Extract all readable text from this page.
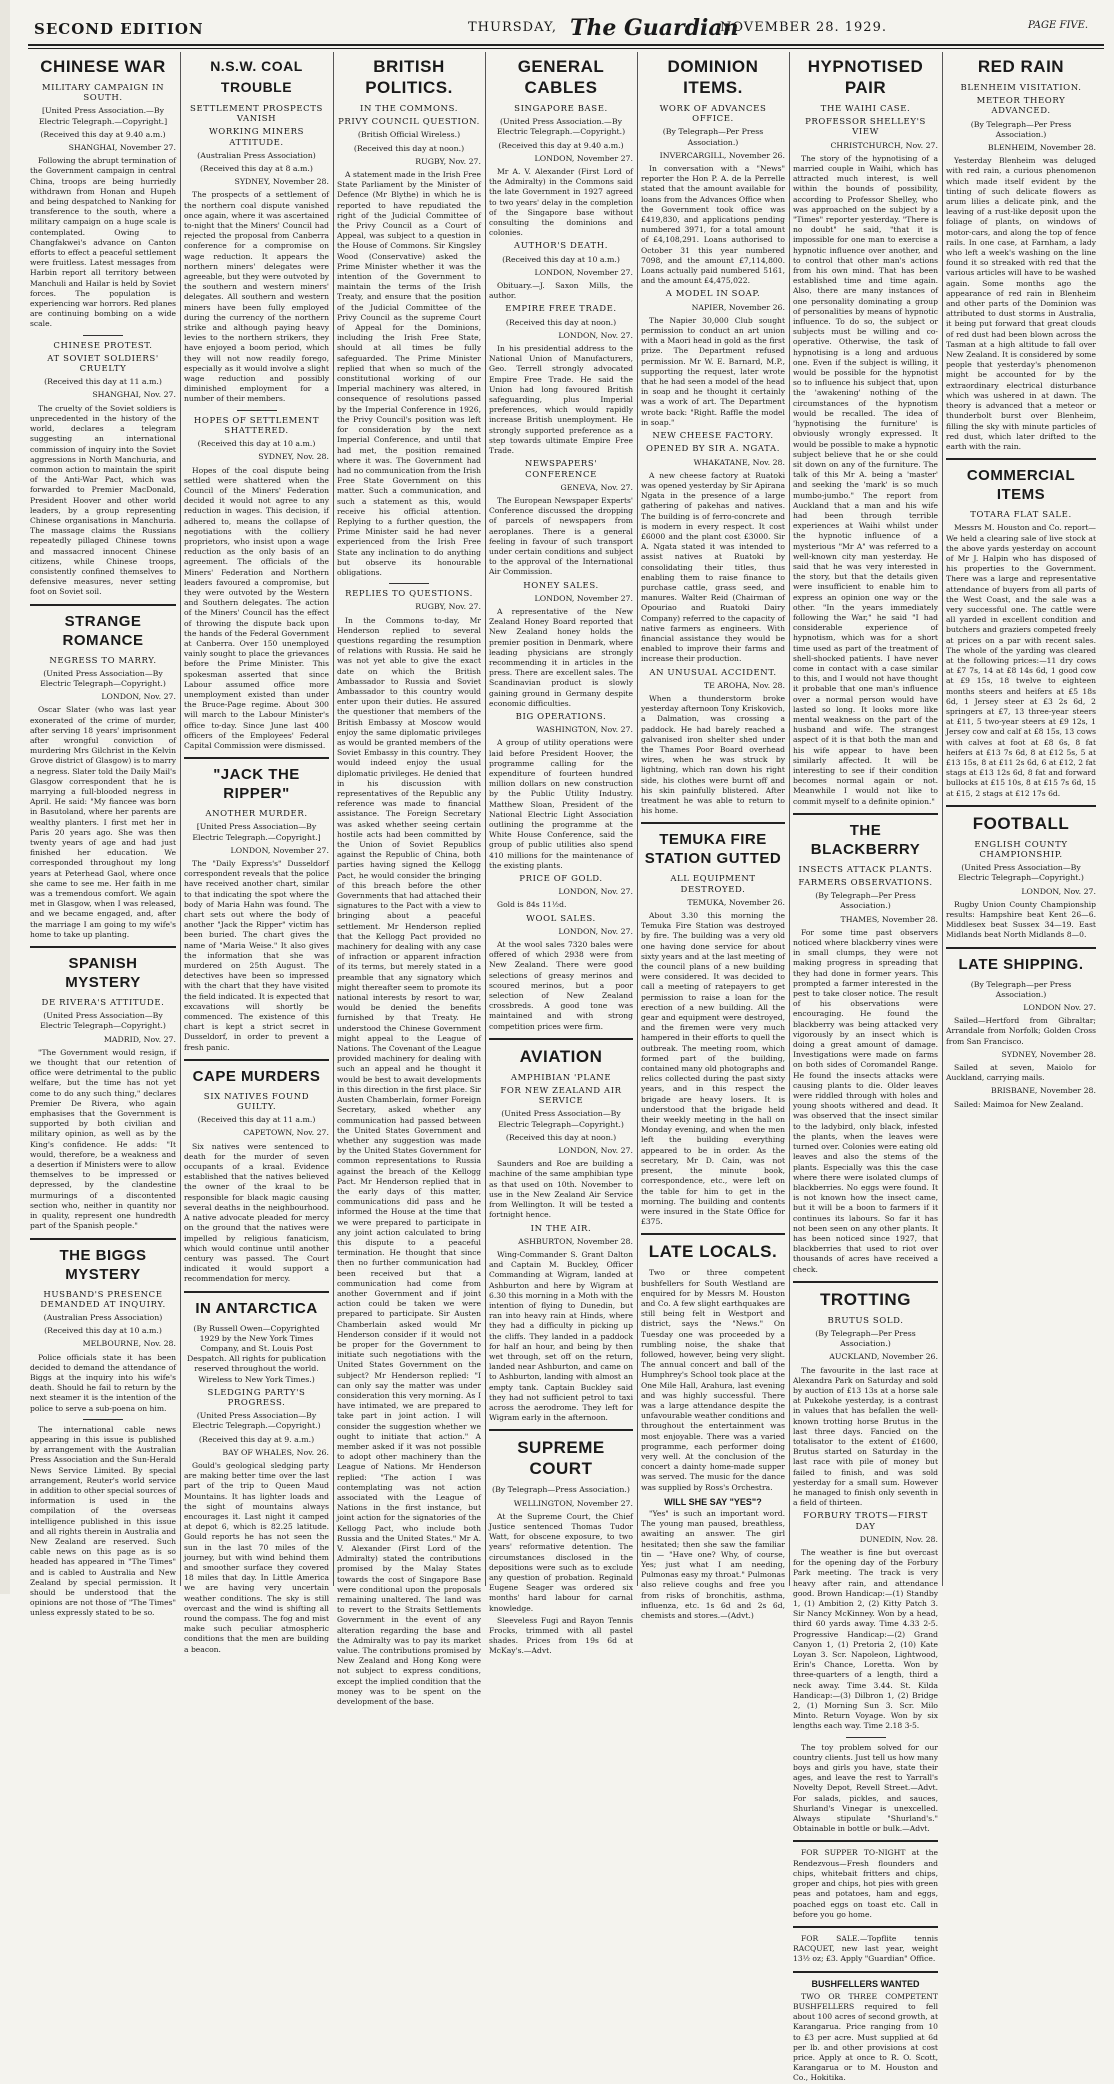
SECOND EDITION	THURSDAY, The Guardian
NOVEMBER 28. 1929.	PAGE FIVE.
CHINESE WAR
MILITARY CAMPAIGN IN SOUTH.
[United Press Association.—By Electric Telegraph.—Copyright.]
(Received this day at 9.40 a.m.)
SHANGHAI, November 27.

Following the abrupt termination of the Government campaign in central China, troops are being hurriedly withdrawn from Honan and Hupeh and being despatched to Nanking for transference to the south, where a military campaign on a huge scale is contemplated. Owing to Changfakwei's advance on Canton efforts to effect a peaceful settlement were fruitless. Latest messages from Harbin report all territory between Manchuli and Hailar is held by Soviet forces. The population is experiencing war horrors. Red planes are continuing bombing on a wide scale.

CHINESE PROTEST.
AT SOVIET SOLDIERS' CRUELTY
(Received this day at 11 a.m.)
SHANGHAI, Nov. 27.

The cruelty of the Soviet soldiers is unprecedented in the history of the world, declares a telegram suggesting an international commission of inquiry into the Soviet aggressions in North Manchuria, and common action to maintain the spirit of the Anti-War Pact, which was forwarded to Premier MacDonald, President Hoover and other world leaders, by a group representing Chinese organisations in Manchuria. The massage claims the Russians repeatedly pillaged Chinese towns and massacred innocent Chinese citizens, while Chinese troops, consistently confined themselves to defensive measures, never setting foot on Soviet soil.

STRANGE ROMANCE
NEGRESS TO MARRY.
(United Press Association—By Electric Telegraph—Copyright.)
LONDON, Nov. 27.

Oscar Slater (who was last year exonerated of the crime of murder, after serving 18 years' imprisonment after wrongful conviction of murdering Mrs Gilchrist in the Kelvin Grove district of Glasgow) is to marry a negress. Slater told the Daily Mail's Glasgow correspondent that he is marrying a full-blooded negress in April. He said: "My fiancee was born in Basutoland, where her parents are wealthy planters. I first met her in Paris 20 years ago. She was then twenty years of age and had just finished her education. We corresponded throughout my long years at Peterhead Gaol, where once she came to see me. Her faith in me was a tremendous comfort. We again met in Glasgow, when I was released, and we became engaged, and, after the marriage I am going to my wife's home to take up planting.

SPANISH MYSTERY
DE RIVERA'S ATTITUDE.
(United Press Association—By Electric Telegraph—Copyright.)
MADRID, Nov. 27.

"The Government would resign, if we thought that our retention of office were detrimental to the public welfare, but the time has not yet come to do any such thing," declares Premier De Rivera, who again emphasises that the Government is supported by both civilian and military opinion, as well as by the King's confidence. He adds: "It would, therefore, be a weakness and a desertion if Ministers were to allow themselves to be impressed or depressed, by the clandestine murmurings of a discontented section who, neither in quantity nor in quality, represent one hundredth part of the Spanish people."

THE BIGGS MYSTERY
HUSBAND'S PRESENCE DEMANDED AT INQUIRY.
(Australian Press Association)
(Received this day at 10 a.m.)
MELBOURNE, Nov. 28.

Police officials state it has been decided to demand the attendance of Biggs at the inquiry into his wife's death. Should he fail to return by the next steamer it is the intention of the police to serve a sub-poena on him.

The international cable news appearing in this issue is published by arrangement with the Australian Press Association and the Sun-Herald News Service Limited. By special arrangement, Reuter's world service in addition to other special sources of information is used in the compilation of the overseas intelligence published in this issue and all rights therein in Australia and New Zealand are reserved. Such cable news on this page as is so headed has appeared in "The Times" and is cabled to Australia and New Zealand by special permission. It should be understood that the opinions are not those of "The Times" unless expressly stated to be so.

N.S.W. COAL TROUBLE
SETTLEMENT PROSPECTS VANISH
WORKING MINERS ATTITUDE.
(Australian Press Association)
(Received this day at 8 a.m.)
SYDNEY, November 28.

The prospects of a settlement of the northern coal dispute vanished once again, where it was ascertained to-night that the Miners' Council had rejected the proposal from Canberra conference for a compromise on wage reduction. It appears the northern miners' delegates were agreeable, but they were outvoted by the southern and western miners' delegates. All southern and western miners have been fully employed during the currency of the northern strike and although paying heavy levies to the northern strikers, they have enjoyed a boom period, which they will not now readily forego, especially as it would involve a slight wage reduction and possibly diminished employment for a number of their members.

HOPES OF SETTLEMENT SHATTERED.
(Received this day at 10 a.m.)
SYDNEY, Nov. 28.

Hopes of the coal dispute being settled were shattered when the Council of the Miners' Federation decided it would not agree to any reduction in wages. This decision, if adhered to, means the collapse of negotiations with the colliery proprietors, who insist upon a wage reduction as the only basis of an agreement. The officials of the Miners' Federation and Northern leaders favoured a compromise, but they were outvoted by the Western and Southern delegates. The action of the Miners' Council has the effect of throwing the dispute back upon the hands of the Federal Government at Canberra. Over 150 unemployed vainly sought to place the grievances before the Prime Minister. This spokesman asserted that since Labour assumed office more unemployment existed than under the Bruce-Page regime. About 300 will march to the Labour Minister's office to-day. Since June last 400 officers of the Employees' Federal Capital Commission were dismissed.

"JACK THE RIPPER"
ANOTHER MURDER.
[United Press Association—By Electric Telegraph.—Copyright.]
LONDON, November 27.

The "Daily Express's" Dusseldorf correspondent reveals that the police have received another chart, similar to that indicating the spot where the body of Maria Hahn was found. The chart sets out where the body of another "Jack the Ripper" victim has been buried. The chart gives the name of "Maria Weise." It also gives the information that she was murdered on 25th August. The detectives have been so impressed with the chart that they have visited the field indicated. It is expected that excavations will shortly be commenced. The existence of this chart is kept a strict secret in Dusseldorf, in order to prevent a fresh panic.

CAPE MURDERS
SIX NATIVES FOUND GUILTY.
(Received this day at 11 a.m.)
CAPETOWN, Nov. 27.

Six natives were sentenced to death for the murder of seven occupants of a kraal. Evidence established that the natives believed the owner of the kraal to be responsible for black magic causing several deaths in the neighbourhood. A native advocate pleaded for mercy on the ground that the natives were impelled by religious fanaticism, which would continue until another century was passed. The Court indicated it would support a recommendation for mercy.

IN ANTARCTICA
(By Russell Owen—Copyrighted 1929 by the New York Times Company, and St. Louis Post Despatch. All rights for publication reserved throughout the world. Wireless to New York Times.)
SLEDGING PARTY'S PROGRESS.
(United Press Association—By Electric Telegraph.—Copyright.)
(Received this day at 9. a.m.)
BAY OF WHALES, Nov. 26.

Gould's geological sledging party are making better time over the last part of the trip to Queen Maud Mountains. It has lighter loads and the sight of mountains always encourages it. Last night it camped at depot 6, which is 82.25 latitude. Gould reports he has not seen the sun in the last 70 miles of the journey, but with wind behind them and smoother surface they covered 18 miles that day. In Little America we are having very uncertain weather conditions. The sky is still overcast and the wind is shifting all round the compass. The fog and mist make such peculiar atmospheric conditions that the men are building a beacon.

BRITISH POLITICS.
IN THE COMMONS.
PRIVY COUNCIL QUESTION.
(British Official Wireless.)
(Received this day at noon.)
RUGBY, Nov. 27.

A statement made in the Irish Free State Parliament by the Minister of Defence (Mr Blythe) in which he is reported to have repudiated the right of the Judicial Committee of the Privy Council as a Court of Appeal, was subject to a question in the House of Commons. Sir Kingsley Wood (Conservative) asked the Prime Minister whether it was the intention of the Government to maintain the terms of the Irish Treaty, and ensure that the position of the Judicial Committee of the Privy Council as the supreme Court of Appeal for the Dominions, including the Irish Free State, should at all times be fully safeguarded. The Prime Minister replied that when so much of the constitutional working of our Imperial machinery was altered, in consequence of resolutions passed by the Imperial Conference in 1926, the Privy Council's position was left for consideration by the next Imperial Conference, and until that had met, the position remained where it was. The Government had had no communication from the Irish Free State Government on this matter. Such a communication, and such a statement as this, would receive his official attention. Replying to a further question, the Prime Minister said he had never experienced from the Irish Free State any inclination to do anything but observe its honourable obligations.

REPLIES TO QUESTIONS.
RUGBY, Nov. 27.

In the Commons to-day, Mr Henderson replied to several questions regarding the resumption of relations with Russia. He said he was not yet able to give the exact date on which the British Ambassador to Russia and Soviet Ambassador to this country would enter upon their duties. He assured the questioner that members of the British Embassy at Moscow would enjoy the same diplomatic privileges as would be granted members of the Soviet Embassy in this country. They would indeed enjoy the usual diplomatic privileges. He denied that in his discussion with representatives of the Republic any reference was made to financial assistance. The Foreign Secretary was asked whether seeing certain hostile acts had been committed by the Union of Soviet Republics against the Republic of China, both parties having signed the Kellogg Pact, he would consider the bringing of this breach before the other Governments that had attached their signatures to the Pact with a view to bringing about a peaceful settlement. Mr Henderson replied that the Kellogg Pact provided no machinery for dealing with any case of infraction or apparent infraction of its terms, but merely stated in a preamble that any signatory which might thereafter seem to promote its national interests by resort to war, would be denied the benefits furnished by that Treaty. He understood the Chinese Government might appeal to the League of Nations. The Covenant of the League provided machinery for dealing with such an appeal and he thought it would be best to await developments in this direction in the first place. Sir Austen Chamberlain, former Foreign Secretary, asked whether any communication had passed between the United States Government and whether any suggestion was made by the United States Government for common representations to Russia against the breach of the Kellogg Pact. Mr Henderson replied that in the early days of this matter, communications did pass and he informed the House at the time that we were prepared to participate in any joint action calculated to bring this dispute to a peaceful termination. He thought that since then no further communication had been received but that a communication had come from another Government and if joint action could be taken we were prepared to participate. Sir Austen Chamberlain asked would Mr Henderson consider if it would not be proper for the Government to initiate such negotiations with the United States Government on the subject? Mr Henderson replied: "I can only say the matter was under consideration this very morning. As I have intimated, we are prepared to take part in joint action. I will consider the suggestion whether we ought to initiate that action." A member asked if it was not possible to adopt other machinery than the League of Nations. Mr Henderson replied: "The action I was contemplating was not action associated with the League of Nations in the first instance, but joint action for the signatories of the Kellogg Pact, who include both Russia and the United States." Mr A. V. Alexander (First Lord of the Admiralty) stated the contributions promised by the Malay States towards the cost of Singapore Base were conditional upon the proposals remaining unaltered. The land was to revert to the Straits Settlements Government in the event of any alteration regarding the base and the Admiralty was to pay its market value. The contributions promised by New Zealand and Hong Kong were not subject to express conditions, except the implied condition that the money was to be spent on the development of the base.

GENERAL CABLES
SINGAPORE BASE.
(United Press Association.—By Electric Telegraph.—Copyright.)
(Received this day at 9.40 a.m.)
LONDON, November 27.

Mr A. V. Alexander (First Lord of the Admiralty) in the Commons said the late Government in 1927 agreed to two years' delay in the completion of the Singapore base without consulting the dominions and colonies.

AUTHOR'S DEATH.
(Received this day at 10 a.m.)
LONDON, November 27.

Obituary.—J. Saxon Mills, the author.

EMPIRE FREE TRADE.
(Received this day at noon.)
LONDON, Nov. 27.

In his presidential address to the National Union of Manufacturers, Geo. Terrell strongly advocated Empire Free Trade. He said the Union had long favoured British safeguarding, plus Imperial preferences, which would rapidly increase British unemployment. He strongly supported preference as a step towards ultimate Empire Free Trade.

NEWSPAPERS' CONFERENCE
GENEVA, Nov. 27.

The European Newspaper Experts' Conference discussed the dropping of parcels of newspapers from aeroplanes. There is a general feeling in favour of such transport under certain conditions and subject to the approval of the International Air Commission.

HONEY SALES.
LONDON, November 27.

A representative of the New Zealand Honey Board reported that New Zealand honey holds the premier position in Denmark, where leading physicians are strongly recommending it in articles in the press. There are excellent sales. The Scandinavian product is slowly gaining ground in Germany despite economic difficulties.

BIG OPERATIONS.
WASHINGTON, Nov. 27.

A group of utility operations were laid before President Hoover, the programme calling for the expenditure of fourteen hundred million dollars on new construction by the Public Utility Industry. Matthew Sloan, President of the National Electric Light Association outlining the programme at the White House Conference, said the group of public utilities also spend 410 millions for the maintenance of the existing plants.

PRICE OF GOLD.
LONDON, Nov. 27.

Gold is 84s 11½d.

WOOL SALES.
LONDON, Nov. 27.

At the wool sales 7320 bales were offered of which 2938 were from New Zealand. There were good selections of greasy merinos and scoured merinos, but a poor selection of New Zealand crossbreds. A good tone was maintained and with strong competition prices were firm.

AVIATION
AMPHIBIAN 'PLANE
FOR NEW ZEALAND AIR SERVICE
(United Press Association—By Electric Telegraph—Copyright.)
(Received this day at noon.)
LONDON, Nov. 27.

Saunders and Roe are building a machine of the same amphibian type as that used on 10th. November to use in the New Zealand Air Service from Wellington. It will be tested a fortnight hence.

IN THE AIR.
ASHBURTON, November 28.

Wing-Commander S. Grant Dalton and Captain M. Buckley, Officer Commanding at Wigram, landed at Ashburton and here by Wigram at 6.30 this morning in a Moth with the intention of flying to Dunedin, but ran into heavy rain at Hinds, where they had a difficulty in picking up the cliffs. They landed in a paddock for half an hour, and being by then wet through, set off on the return, landed near Ashburton, and came on to Ashburton, landing with almost an empty tank. Captain Buckley said they had not sufficient petrol to taxi across the aerodrome. They left for Wigram early in the afternoon.

SUPREME COURT
(By Telegraph—Press Association.)
WELLINGTON, November 27.

At the Supreme Court, the Chief Justice sentenced Thomas Tudor Watt, for obscene exposure, to two years' reformative detention. The circumstances disclosed in the depositions were such as to exclude any question of probation. Reginald Eugene Seager was ordered six months' hard labour for carnal knowledge.

Sleeveless Fugi and Rayon Tennis Frocks, trimmed with all pastel shades. Prices from 19s 6d at McKay's.—Advt.

DOMINION ITEMS.
WORK OF ADVANCES OFFICE.
(By Telegraph—Per Press Association.)
INVERCARGILL, November 26.

In conversation with a "News" reporter the Hon P. A. de la Perrelle stated that the amount available for loans from the Advances Office when the Government took office was £419,830, and applications pending numbered 3971, for a total amount of £4,108,291. Loans authorised to October 31 this year numbered 7098, and the amount £7,114,800. Loans actually paid numbered 5161, and the amount £4,475,022.

A MODEL IN SOAP.
NAPIER, November 26.

The Napier 30,000 Club sought permission to conduct an art union with a Maori head in gold as the first prize. The Department refused permission. Mr W. E. Barnard, M.P., supporting the request, later wrote that he had seen a model of the head in soap and he thought it certainly was a work of art. The Department wrote back: "Right. Raffle the model in soap."

NEW CHEESE FACTORY.
OPENED BY SIR A. NGATA.
WHAKATANE, Nov. 28.

A new cheese factory at Ruatoki was opened yesterday by Sir Apirana Ngata in the presence of a large gathering of pakehas and natives. The building is of ferro-concrete and is modern in every respect. It cost £6000 and the plant cost £3000. Sir A. Ngata stated it was intended to assist natives at Ruatoki by consolidating their titles, thus enabling them to raise finance to purchase cattle, grass seed, and manures. Walter Reid (Chairman of Opouriao and Ruatoki Dairy Company) referred to the capacity of native farmers as engineers. With financial assistance they would be enabled to improve their farms and increase their production.

AN UNUSUAL ACCIDENT.
TE AROHA, Nov. 28.

When a thunderstorm broke yesterday afternoon Tony Kriskovich, a Dalmation, was crossing a paddock. He had barely reached a galvanised iron shelter shed under the Thames Poor Board overhead wires, when he was struck by lightning, which ran down his right side, his clothes were burnt off and his skin painfully blistered. After treatment he was able to return to his home.

TEMUKA FIRE STATION GUTTED
ALL EQUIPMENT DESTROYED.
TEMUKA, November 26.

About 3.30 this morning the Temuka Fire Station was destroyed by fire. The building was a very old one having done service for about sixty years and at the last meeting of the council plans of a new building were considered. It was decided to call a meeting of ratepayers to get permission to raise a loan for the erection of a new building. All the gear and equipment were destroyed, and the firemen were very much hampered in their efforts to quell the outbreak. The meeting room, which formed part of the building, contained many old photographs and relics collected during the past sixty years, and in this respect the brigade are heavy losers. It is understood that the brigade held their weekly meeting in the hall on Monday evening, and when the men left the building everything appeared to be in order. As the secretary, Mr D. Cain, was not present, the minute book, correspondence, etc., were left on the table for him to get in the morning. The building and contents were insured in the State Office for £375.

LATE LOCALS.

Two or three competent bushfellers for South Westland are enquired for by Messrs M. Houston and Co. A few slight earthquakes are still being felt in Westport and district, says the "News." On Tuesday one was proceeded by a rumbling noise, the shake that followed, however, being very slight. The annual concert and ball of the Humphrey's School took place at the One Mile Hall, Arahura, last evening and was highly successful. There was a large attendance despite the unfavourable weather conditions and throughout the entertainment was most enjoyable. There was a varied programme, each performer doing very well. At the conclusion of the concert a dainty home-made supper was served. The music for the dance was supplied by Ross's Orchestra.

WILL SHE SAY "YES"?

"Yes" is such an important word. The young man paused, breathless, awaiting an answer. The girl hesitated; then she saw the familiar tin — "Have one? Why, of course, Yes; just what I am needing, Pulmonas easy my throat." Pulmonas also relieve coughs and free you from risks of bronchitis, asthma, influenza, etc. 1s 6d and 2s 6d, chemists and stores.—(Advt.)

HYPNOTISED PAIR
THE WAIHI CASE.
PROFESSOR SHELLEY'S VIEW
CHRISTCHURCH, Nov. 27.

The story of the hypnotising of a married couple in Waihi, which has attracted much interest, is well within the bounds of possibility, according to Professor Shelley, who was approached on the subject by a "Times" reporter yesterday. "There is no doubt" he said, "that it is impossible for one man to exercise a hypnotic influence over another, and to control that other man's actions from his own mind. That has been established time and time again. Also, there are many instances of one personality dominating a group of personalities by means of hypnotic influence. To do so, the subject or subjects must be willing and co-operative. Otherwise, the task of hypnotising is a long and arduous one. Even if the subject is willing, it would be possible for the hypnotist so to influence his subject that, upon the 'awakening' nothing of the circumstances of the hypnotism would be recalled. The idea of 'hypnotising the furniture' is obviously wrongly expressed. It would be possible to make a hypnotic subject believe that he or she could sit down on any of the furniture. The talk of this Mr A. being a 'master' and seeking the 'mark' is so much mumbo-jumbo." The report from Auckland that a man and his wife had been through terrible experiences at Waihi whilst under the hypnotic influence of a mysterious "Mr A" was referred to a well-known city man yesterday. He said that he was very interested in the story, but that the details given were insufficient to enable him to express an opinion one way or the other. "In the years immediately following the War," he said "I had considerable experience of hypnotism, which was for a short time used as part of the treatment of shell-shocked patients. I have never come in contact with a case similar to this, and I would not have thought it probable that one man's influence over a normal person would have lasted so long. It looks more like mental weakness on the part of the husband and wife. The strangest aspect of it is that both the man and his wife appear to have been similarly affected. It will be interesting to see if their condition becomes normal again or not. Meanwhile I would not like to commit myself to a definite opinion."

THE BLACKBERRY
INSECTS ATTACK PLANTS.
FARMERS OBSERVATIONS.
(By Telegraph—Per Press Association.)
THAMES, November 28.

For some time past observers noticed where blackberry vines were in small clumps, they were not making progress in spreading that they had done in former years. This prompted a farmer interested in the pest to take closer notice. The result of his observations were encouraging. He found the blackberry was being attacked very vigorously by an insect which is doing a great amount of damage. Investigations were made on farms on both sides of Coromandel Range. He found the insects attacks were causing plants to die. Older leaves were riddled through with holes and young shoots withered and dead. It was observed that the insect similar to the ladybird, only black, infested the plants, when the leaves were turned over. Colonies were eating old leaves and also the stems of the plants. Especially was this the case where there were isolated clumps of blackberries. No eggs were found. It is not known how the insect came, but it will be a boon to farmers if it continues its labours. So far it has not been seen on any other plants. It has been noticed since 1927, that blackberries that used to riot over thousands of acres have received a check.

TROTTING
BRUTUS SOLD.
(By Telegraph—Per Press Association.)
AUCKLAND, November 26.

The favourite in the last race at Alexandra Park on Saturday and sold by auction of £13 13s at a horse sale at Pukekohe yesterday, is a contrast in values that has befallen the well-known trotting horse Brutus in the last three days. Fancied on the totalisator to the extent of £1600, Brutus started on Saturday in the last race with pile of money but failed to finish, and was sold yesterday for a small sum. However he managed to finish only seventh in a field of thirteen.

FORBURY TROTS—FIRST DAY
DUNEDIN, Nov. 28.

The weather is fine but overcast for the opening day of the Forbury Park meeting. The track is very heavy after rain, and attendance good. Brown Handicap:—(1) Standby 1, (1) Ambition 2, (2) Kitty Patch 3. Sir Nancy McKinney. Won by a head, third 60 yards away. Time 4.33 2-5. Progressive Handicap:—(2) Grand Canyon 1, (1) Pretoria 2, (10) Kate Loyan 3. Scr. Napoleon, Lightwood, Erin's Chance, Loretta. Won by three-quarters of a length, third a neck away. Time 3.44. St. Kilda Handicap:—(3) Dilbron 1, (2) Bridge 2, (1) Morning Sun 3. Scr. Milo Minto. Return Voyage. Won by six lengths each way. Time 2.18 3-5.

The toy problem solved for our country clients. Just tell us how many boys and girls you have, state their ages, and leave the rest to Yarrall's Novelty Depot, Revell Street.—Advt. For salads, pickles, and sauces, Shurland's Vinegar is unexcelled. Always stipulate "Shurland's." Obtainable in bottle or bulk.—Advt.

FOR SUPPER TO-NIGHT at the Rendezvous—Fresh flounders and chips, whitebait fritters and chips, groper and chips, hot pies with green peas and potatoes, ham and eggs, poached eggs on toast etc. Call in before you go home.

FOR SALE.—Topflite tennis RACQUET, new last year, weight 13½ oz; £3. Apply "Guardian" Office.

BUSHFELLERS WANTED

TWO OR THREE COMPETENT BUSHFELLERS required to fell about 100 acres of second growth, at Karangarua. Price ranging from 10 to £3 per acre. Must supplied at 6d per lb. and other provisions at cost price. Apply at once to R. O. Scott, Karangarua or to M. Houston and Co., Hokitika.

RED RAIN
BLENHEIM VISITATION.
METEOR THEORY ADVANCED.
(By Telegraph—Per Press Association.)
BLENHEIM, November 28.

Yesterday Blenheim was deluged with red rain, a curious phenomenon which made itself evident by the tinting of such delicate flowers as arum lilies a delicate pink, and the leaving of a rust-like deposit upon the foliage of plants, on windows of motor-cars, and along the top of fence rails. In one case, at Farnham, a lady who left a week's washing on the line found it so streaked with red that the various articles will have to be washed again. Some months ago the appearance of red rain in Blenheim and other parts of the Dominion was attributed to dust storms in Australia, it being put forward that great clouds of red dust had been blown across the Tasman at a high altitude to fall over New Zealand. It is considered by some people that yesterday's phenomenon might be accounted for by the extraordinary electrical disturbance which was ushered in at dawn. The theory is advanced that a meteor or thunderbolt burst over Blenheim, filling the sky with minute particles of red dust, which later drifted to the earth with the rain.

COMMERCIAL ITEMS
TOTARA FLAT SALE.

Messrs M. Houston and Co. report—We held a clearing sale of live stock at the above yards yesterday on account of Mr J. Halpin who has disposed of his properties to the Government. There was a large and representative attendance of buyers from all parts of the West Coast, and the sale was a very successful one. The cattle were all yarded in excellent condition and butchers and graziers competed freely at prices on a par with recent sales. The whole of the yarding was cleared at the following prices:—11 dry cows at £7 7s, 14 at £8 14s 6d, 1 good cow at £9 15s, 18 twelve to eighteen months steers and heifers at £5 18s 6d, 1 Jersey steer at £3 2s 6d, 2 springers at £7, 13 three-year steers at £11, 5 two-year steers at £9 12s, 1 Jersey cow and calf at £8 15s, 13 cows with calves at foot at £8 6s, 8 fat heifers at £13 7s 6d, 8 at £12 5s, 5 at £13 15s, 8 at £11 2s 6d, 6 at £12, 2 fat stags at £13 12s 6d, 8 fat and forward bullocks at £15 10s, 8 at £15 7s 6d, 15 at £15, 2 stags at £12 17s 6d.

FOOTBALL
ENGLISH COUNTY CHAMPIONSHIP.
(United Press Association—By Electric Telegraph—Copyright.)
LONDON, Nov. 27.

Rugby Union County Championship results: Hampshire beat Kent 26—6. Middlesex beat Sussex 34—19. East Midlands beat North Midlands 8—0.

LATE SHIPPING.
(By Telegraph—per Press Association.)
LONDON Nov. 27.

Sailed—Hertford from Gibraltar; Arrandale from Norfolk; Golden Cross from San Francisco.

SYDNEY, November 28.

Sailed at seven, Maiolo for Auckland, carrying mails.

BRISBANE, November 28.

Sailed: Maimoa for New Zealand.
